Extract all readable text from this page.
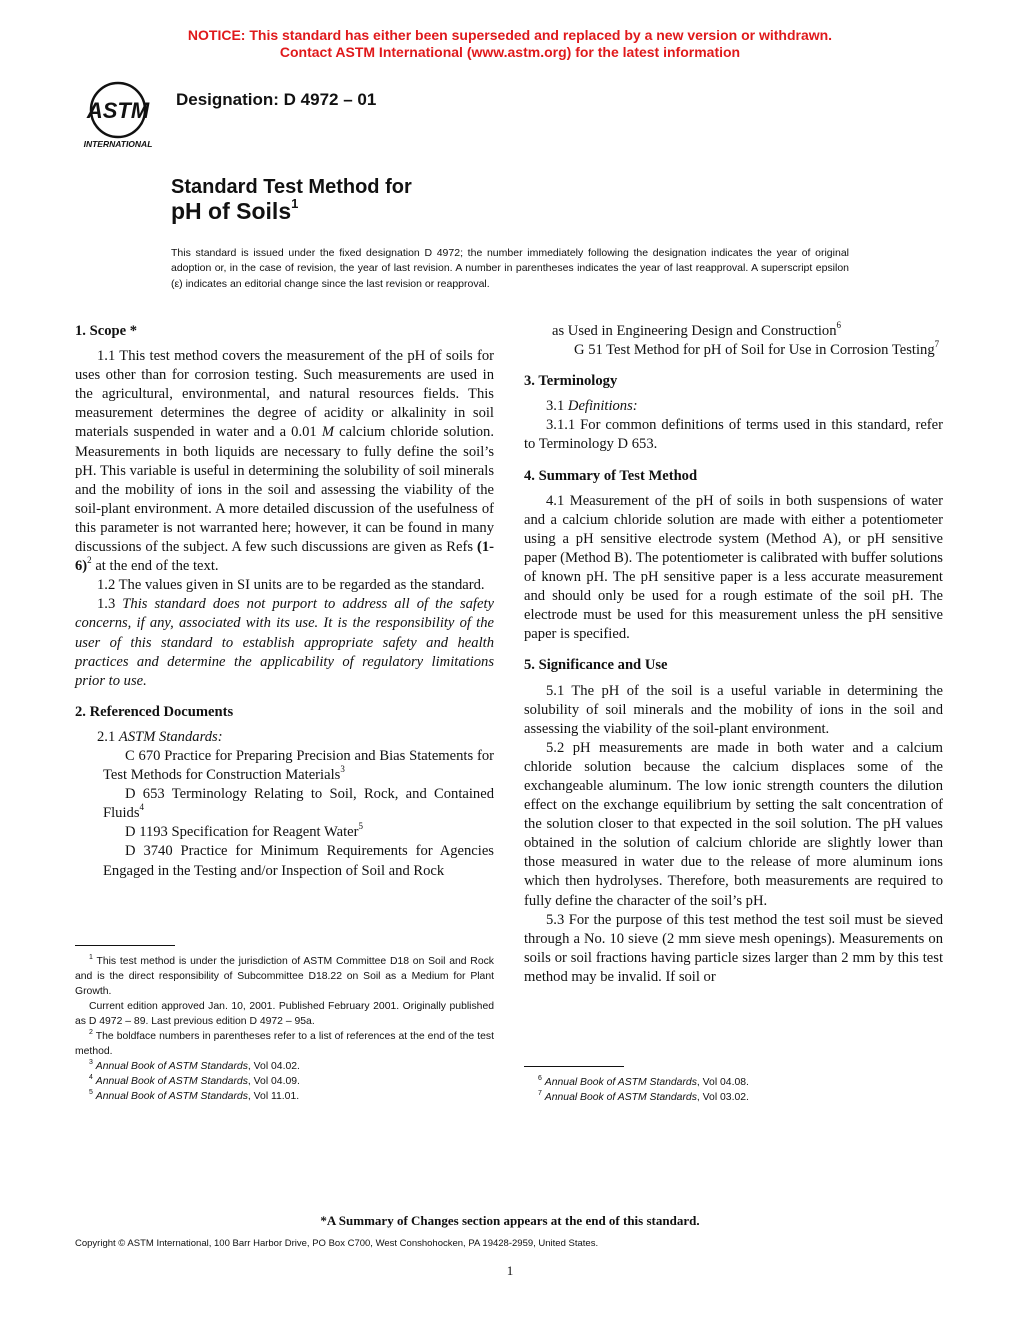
NOTICE: This standard has either been superseded and replaced by a new version or withdrawn.
Contact ASTM International (www.astm.org) for the latest information
ASTM
INTERNATIONAL
Designation: D 4972 – 01
Standard Test Method for
pH of Soils$^1$
This standard is issued under the fixed designation D 4972; the number immediately following the designation indicates the year of original adoption or, in the case of revision, the year of last revision. A number in parentheses indicates the year of last reapproval. A superscript epsilon (ε) indicates an editorial change since the last revision or reapproval.
1. Scope *

1.1 This test method covers the measurement of the pH of soils for uses other than for corrosion testing. Such measurements are used in the agricultural, environmental, and natural resources fields. This measurement determines the degree of acidity or alkalinity in soil materials suspended in water and a 0.01 M calcium chloride solution. Measurements in both liquids are necessary to fully define the soil’s pH. This variable is useful in determining the solubility of soil minerals and the mobility of ions in the soil and assessing the viability of the soil-plant environment. A more detailed discussion of the usefulness of this parameter is not warranted here; however, it can be found in many discussions of the subject. A few such discussions are given as Refs $(1-6)^2$ at the end of the text.

1.2 The values given in SI units are to be regarded as the standard.

1.3 This standard does not purport to address all of the safety concerns, if any, associated with its use. It is the responsibility of the user of this standard to establish appropriate safety and health practices and determine the applicability of regulatory limitations prior to use.

2. Referenced Documents

2.1 ASTM Standards:

C 670 Practice for Preparing Precision and Bias Statements for Test Methods for Construction Materials$^3$

D 653 Terminology Relating to Soil, Rock, and Contained Fluids$^4$

D 1193 Specification for Reagent Water$^5$

D 3740 Practice for Minimum Requirements for Agencies Engaged in the Testing and/or Inspection of Soil and Rock

$^1$ This test method is under the jurisdiction of ASTM Committee D18 on Soil and Rock and is the direct responsibility of Subcommittee D18.22 on Soil as a Medium for Plant Growth.

Current edition approved Jan. 10, 2001. Published February 2001. Originally published as D 4972 – 89. Last previous edition D 4972 – 95a.

$^2$ The boldface numbers in parentheses refer to a list of references at the end of the test method.

$^3$ Annual Book of ASTM Standards, Vol 04.02.

$^4$ Annual Book of ASTM Standards, Vol 04.09.

$^5$ Annual Book of ASTM Standards, Vol 11.01.

as Used in Engineering Design and Construction$^6$

G 51 Test Method for pH of Soil for Use in Corrosion Testing$^7$

3. Terminology

3.1 Definitions:

3.1.1 For common definitions of terms used in this standard, refer to Terminology D 653.

4. Summary of Test Method

4.1 Measurement of the pH of soils in both suspensions of water and a calcium chloride solution are made with either a potentiometer using a pH sensitive electrode system (Method A), or pH sensitive paper (Method B). The potentiometer is calibrated with buffer solutions of known pH. The pH sensitive paper is a less accurate measurement and should only be used for a rough estimate of the soil pH. The electrode must be used for this measurement unless the pH sensitive paper is specified.

5. Significance and Use

5.1 The pH of the soil is a useful variable in determining the solubility of soil minerals and the mobility of ions in the soil and assessing the viability of the soil-plant environment.

5.2 pH measurements are made in both water and a calcium chloride solution because the calcium displaces some of the exchangeable aluminum. The low ionic strength counters the dilution effect on the exchange equilibrium by setting the salt concentration of the solution closer to that expected in the soil solution. The pH values obtained in the solution of calcium chloride are slightly lower than those measured in water due to the release of more aluminum ions which then hydrolyses. Therefore, both measurements are required to fully define the character of the soil’s pH.

5.3 For the purpose of this test method the test soil must be sieved through a No. 10 sieve (2 mm sieve mesh openings). Measurements on soils or soil fractions having particle sizes larger than 2 mm by this test method may be invalid. If soil or

$^6$ Annual Book of ASTM Standards, Vol 04.08.

$^7$ Annual Book of ASTM Standards, Vol 03.02.

*A Summary of Changes section appears at the end of this standard.
Copyright © ASTM International, 100 Barr Harbor Drive, PO Box C700, West Conshohocken, PA 19428-2959, United States.
1
